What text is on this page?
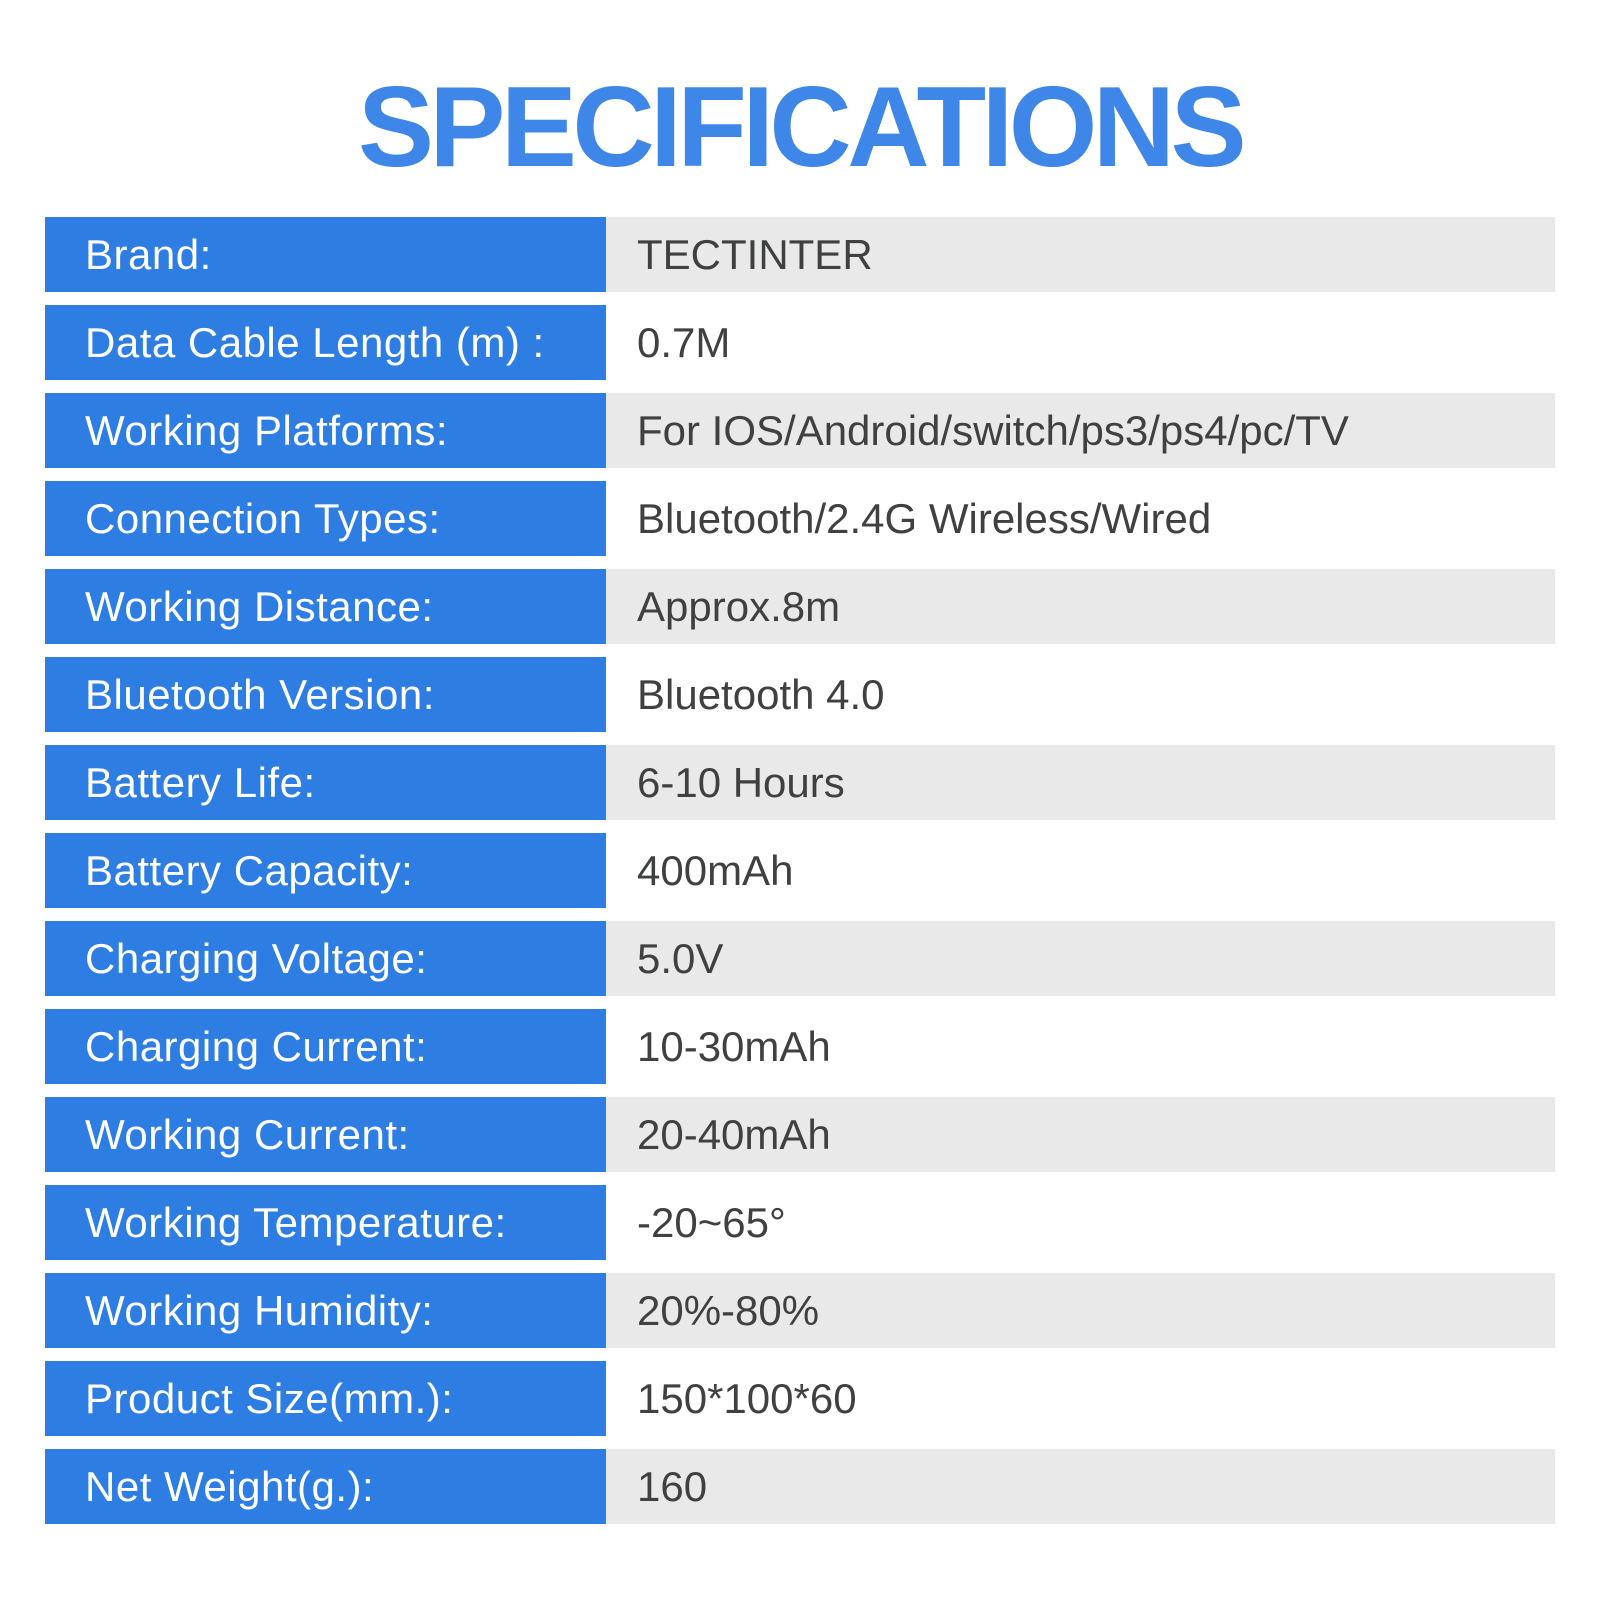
SPECIFICATIONS
Brand:	TECTINTER
Data Cable Length (m) :	0.7M
Working Platforms:	For IOS/Android/switch/ps3/ps4/pc/TV
Connection Types:	Bluetooth/2.4G Wireless/Wired
Working Distance:	Approx.8m
Bluetooth Version:	Bluetooth 4.0
Battery Life:	6-10 Hours
Battery Capacity:	400mAh
Charging Voltage:	5.0V
Charging Current:	10-30mAh
Working Current:	20-40mAh
Working Temperature:	-20~65°
Working Humidity:	20%-80%
Product Size(mm.):	150*100*60
Net Weight(g.):	160
